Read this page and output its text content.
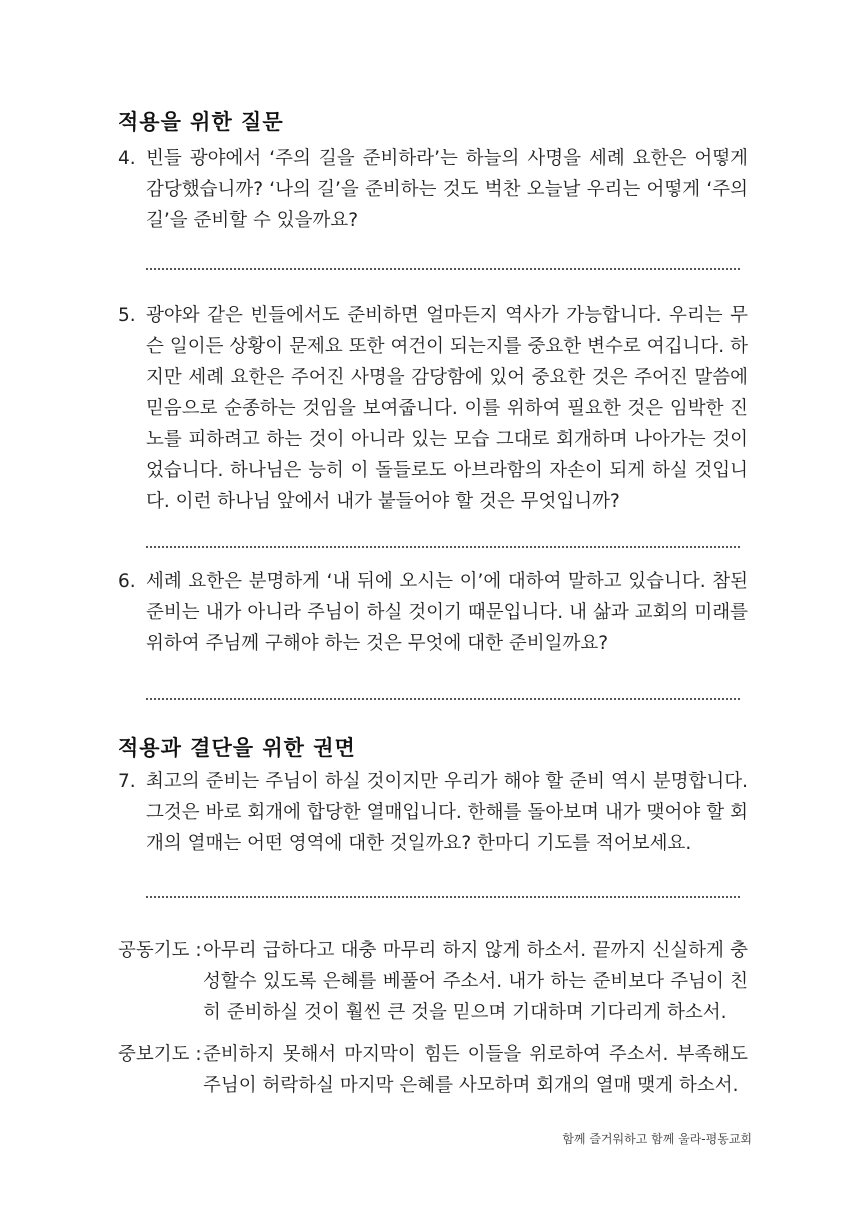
적용을 위한 질문
4. 빈들 광야에서 ‘주의 길을 준비하라’는 하늘의 사명을 세례 요한은 어떻게 감당했습니까? ‘나의 길’을 준비하는 것도 벅찬 오늘날 우리는 어떻게 ‘주의 길’을 준비할 수 있을까요?
5. 광야와 같은 빈들에서도 준비하면 얼마든지 역사가 가능합니다. 우리는 무슨 일이든 상황이 문제요 또한 여건이 되는지를 중요한 변수로 여깁니다. 하지만 세례 요한은 주어진 사명을 감당함에 있어 중요한 것은 주어진 말씀에 믿음으로 순종하는 것임을 보여줍니다. 이를 위하여 필요한 것은 임박한 진노를 피하려고 하는 것이 아니라 있는 모습 그대로 회개하며 나아가는 것이었습니다. 하나님은 능히 이 돌들로도 아브라함의 자손이 되게 하실 것입니다. 이런 하나님 앞에서 내가 붙들어야 할 것은 무엇입니까?
6. 세례 요한은 분명하게 ‘내 뒤에 오시는 이’에 대하여 말하고 있습니다. 참된 준비는 내가 아니라 주님이 하실 것이기 때문입니다. 내 삶과 교회의 미래를 위하여 주님께 구해야 하는 것은 무엇에 대한 준비일까요?
적용과 결단을 위한 권면
7. 최고의 준비는 주님이 하실 것이지만 우리가 해야 할 준비 역시 분명합니다. 그것은 바로 회개에 합당한 열매입니다. 한해를 돌아보며 내가 맺어야 할 회개의 열매는 어떤 영역에 대한 것일까요? 한마디 기도를 적어보세요.
공동기도 : 아무리 급하다고 대충 마무리 하지 않게 하소서. 끝까지 신실하게 충성할수 있도록 은혜를 베풀어 주소서. 내가 하는 준비보다 주님이 친히 준비하실 것이 훨씬 큰 것을 믿으며 기대하며 기다리게 하소서.
중보기도 : 준비하지 못해서 마지막이 힘든 이들을 위로하여 주소서. 부족해도 주님이 허락하실 마지막 은혜를 사모하며 회개의 열매 맺게 하소서.
함께 즐거워하고 함께 울라-평동교회
